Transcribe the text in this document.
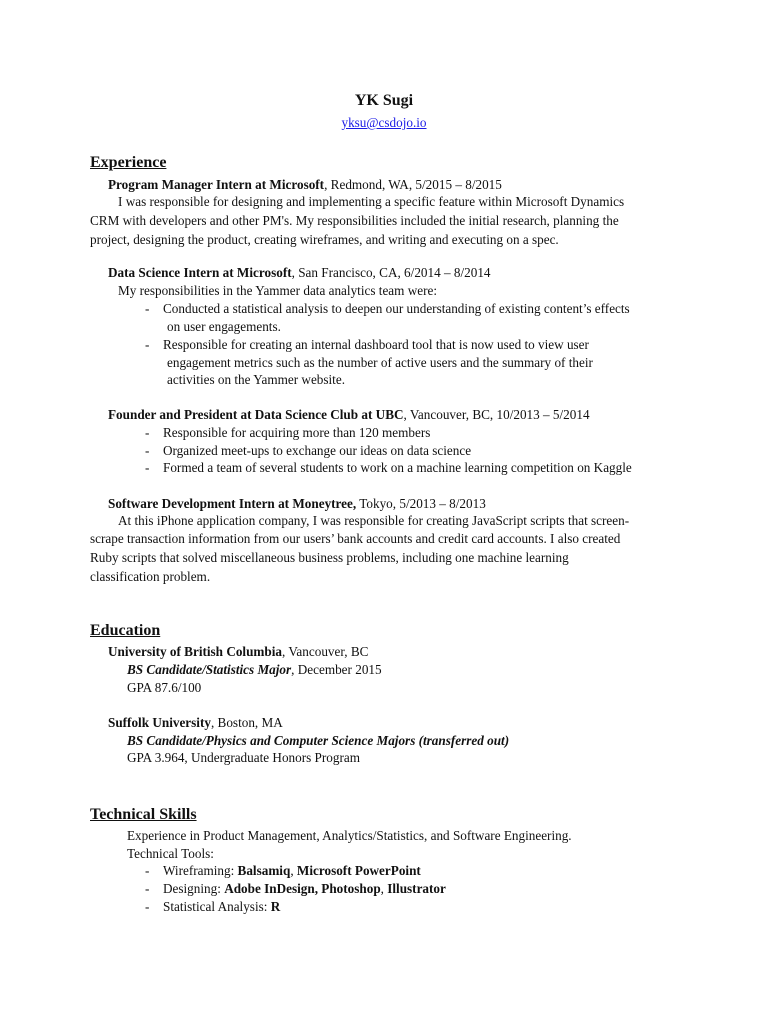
YK Sugi
yksu@csdojo.io
Experience
Program Manager Intern at Microsoft, Redmond, WA, 5/2015 – 8/2015
I was responsible for designing and implementing a specific feature within Microsoft Dynamics
CRM with developers and other PM's. My responsibilities included the initial research, planning the
project, designing the product, creating wireframes, and writing and executing on a spec.
Data Science Intern at Microsoft, San Francisco, CA, 6/2014 – 8/2014
My responsibilities in the Yammer data analytics team were:
- Conducted a statistical analysis to deepen our understanding of existing content’s effects
on user engagements.
- Responsible for creating an internal dashboard tool that is now used to view user
engagement metrics such as the number of active users and the summary of their
activities on the Yammer website.
Founder and President at Data Science Club at UBC, Vancouver, BC, 10/2013 – 5/2014
- Responsible for acquiring more than 120 members
- Organized meet-ups to exchange our ideas on data science
- Formed a team of several students to work on a machine learning competition on Kaggle
Software Development Intern at Moneytree, Tokyo, 5/2013 – 8/2013
At this iPhone application company, I was responsible for creating JavaScript scripts that screen-
scrape transaction information from our users’ bank accounts and credit card accounts. I also created
Ruby scripts that solved miscellaneous business problems, including one machine learning
classification problem.
Education
University of British Columbia, Vancouver, BC
BS Candidate/Statistics Major, December 2015
GPA 87.6/100
Suffolk University, Boston, MA
BS Candidate/Physics and Computer Science Majors (transferred out)
GPA 3.964, Undergraduate Honors Program
Technical Skills
Experience in Product Management, Analytics/Statistics, and Software Engineering.
Technical Tools:
- Wireframing: Balsamiq, Microsoft PowerPoint
- Designing: Adobe InDesign, Photoshop, Illustrator
- Statistical Analysis: R
